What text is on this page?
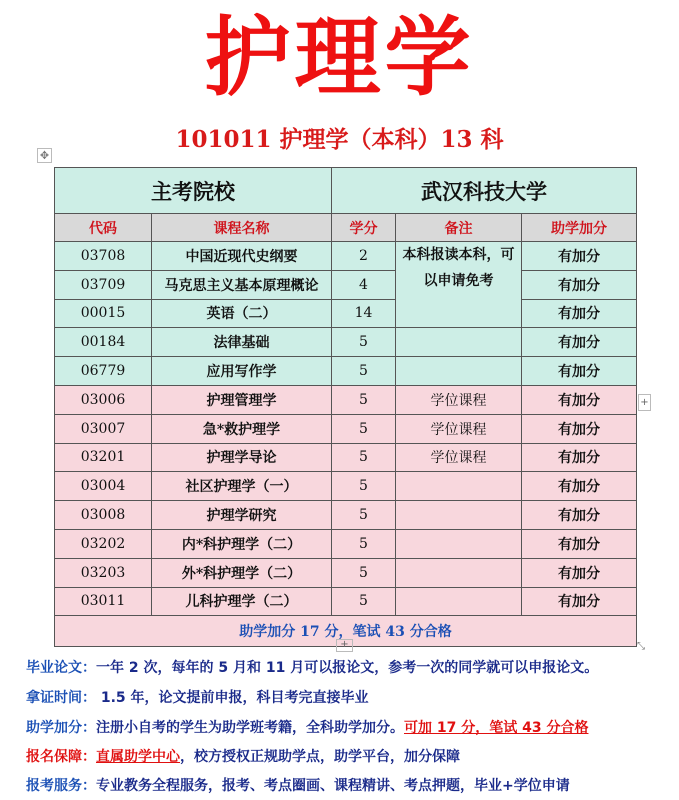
护理学
101011 护理学（本科）13 科
✥
主考院校		武汉科技大学		
代码	课程名称	学分	备注	助学加分
03708	中国近现代史纲要	2	本科报读本科，可以申请免考	有加分
03709	马克思主义基本原理概论	4		有加分
00015	英语（二）	14		有加分
00184	法律基础	5		有加分
06779	应用写作学	5		有加分
03006	护理管理学	5	学位课程	有加分
03007	急*救护理学	5	学位课程	有加分
03201	护理学导论	5	学位课程	有加分
03004	社区护理学（一）	5		有加分
03008	护理学研究	5		有加分
03202	内*科护理学（二）	5		有加分
03203	外*科护理学（二）	5		有加分
03011	儿科护理学（二）	5		有加分
助学加分 17 分，笔试 43 分合格				
+
+
⤡
毕业论文：一年 2 次，每年的 5 月和 11 月可以报论文，参考一次的同学就可以申报论文。
拿证时间： 1.5 年，论文提前申报，科目考完直接毕业
助学加分：注册小自考的学生为助学班考籍，全科助学加分。可加 17 分，笔试 43 分合格
报名保障：直属助学中心，校方授权正规助学点，助学平台，加分保障
报考服务：专业教务全程服务，报考、考点圈画、课程精讲、考点押题，毕业+学位申请
